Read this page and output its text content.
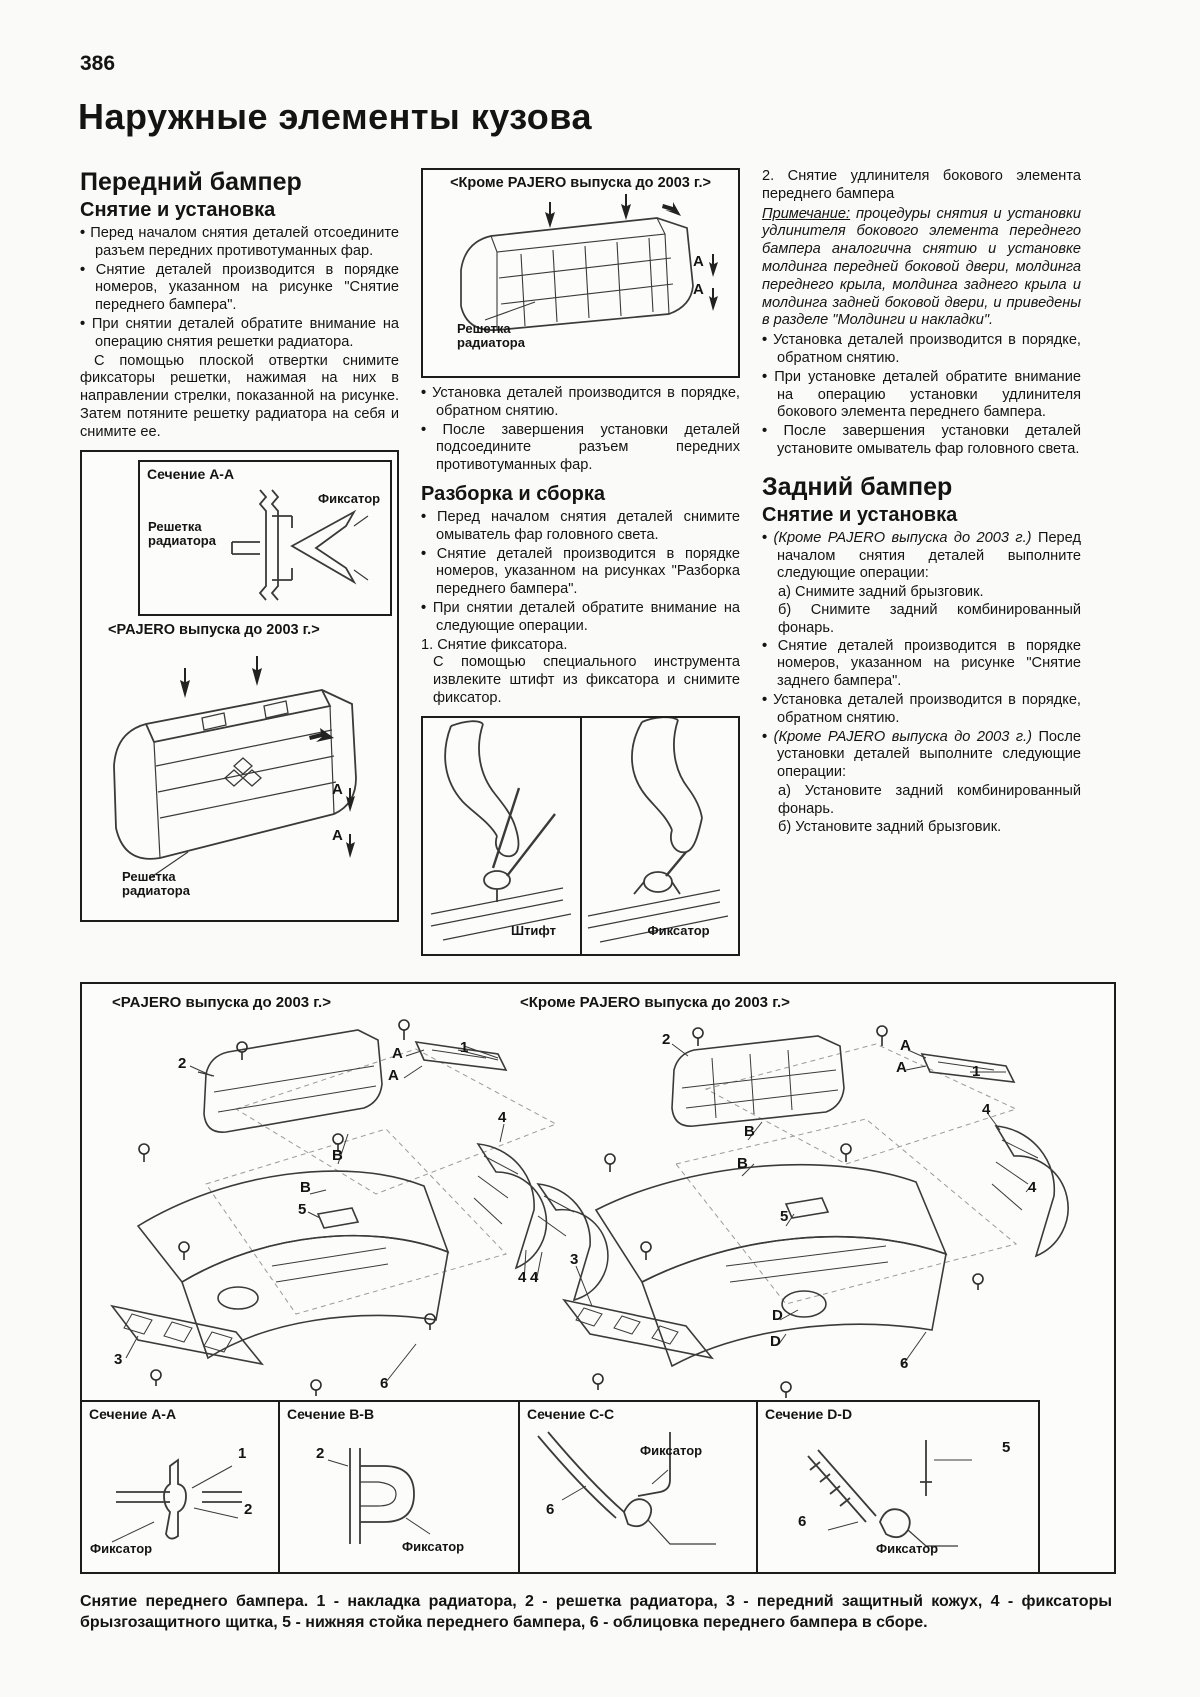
386
Наружные элементы кузова
Передний бампер
Снятие и установка

• Перед началом снятия деталей отсоедините разъем передних противотуманных фар.

• Снятие деталей производится в порядке номеров, указанном на рисунке "Снятие переднего бампера".

• При снятии деталей обратите внимание на операцию снятия решетки радиатора.

С помощью плоской отвертки снимите фиксаторы решетки, нажимая на них в направлении стрелки, показанной на рисунке. Затем потяните решетку радиатора на себя и снимите ее.

Сечение A-A
Решетка радиатора
Фиксатор
<PAJERO выпуска до 2003 г.>
Решетка радиатора
A
A
<Кроме PAJERO выпуска до 2003 г.>
Решетка радиатора
A
A

• Установка деталей производится в порядке, обратном снятию.

• После завершения установки деталей подсоедините разъем передних противотуманных фар.

Разборка и сборка

• Перед началом снятия деталей снимите омыватель фар головного света.

• Снятие деталей производится в порядке номеров, указанном на рисунках "Разборка переднего бампера".

• При снятии деталей обратите внимание на следующие операции.

1. Снятие фиксатора.

С помощью специального инструмента извлеките штифт из фиксатора и снимите фиксатор.

Штифт	Фиксатор

2. Снятие удлинителя бокового элемента переднего бампера

Примечание: процедуры снятия и установки удлинителя бокового элемента переднего бампера аналогична снятию и установке молдинга передней боковой двери, молдинга переднего крыла, молдинга заднего крыла и молдинга задней боковой двери, и приведены в разделе "Молдинги и накладки".

• Установка деталей производится в порядке, обратном снятию.

• При установке деталей обратите внимание на операцию установки удлинителя бокового элемента переднего бампера.

• После завершения установки деталей установите омыватель фар головного света.

Задний бампер
Снятие и установка

• (Кроме PAJERO выпуска до 2003 г.) Перед началом снятия деталей выполните следующие операции:

а) Снимите задний брызговик.

б) Снимите задний комбинированный фонарь.

• Снятие деталей производится в порядке номеров, указанном на рисунке "Снятие заднего бампера".

• Установка деталей производится в порядке, обратном снятию.

• (Кроме PAJERO выпуска до 2003 г.) После установки деталей выполните следующие операции:

а) Установите задний комбинированный фонарь.

б) Установите задний брызговик.

<PAJERO выпуска до 2003 г.>	<Кроме PAJERO выпуска до 2003 г.>
2
1
A
A
4
4
B
B
5
3
6
2
1
A
A
4
4
4
3
B
B
5
D
D
6
Сечение A-A
1
2
Фиксатор
Сечение B-B
2
Фиксатор
Сечение C-C
6
Фиксатор
Сечение D-D
5
6
Фиксатор
Снятие переднего бампера. 1 - накладка радиатора, 2 - решетка радиатора, 3 - передний защитный кожух, 4 - фиксаторы брызгозащитного щитка, 5 - нижняя стойка переднего бампера, 6 - облицовка переднего бампера в сборе.
